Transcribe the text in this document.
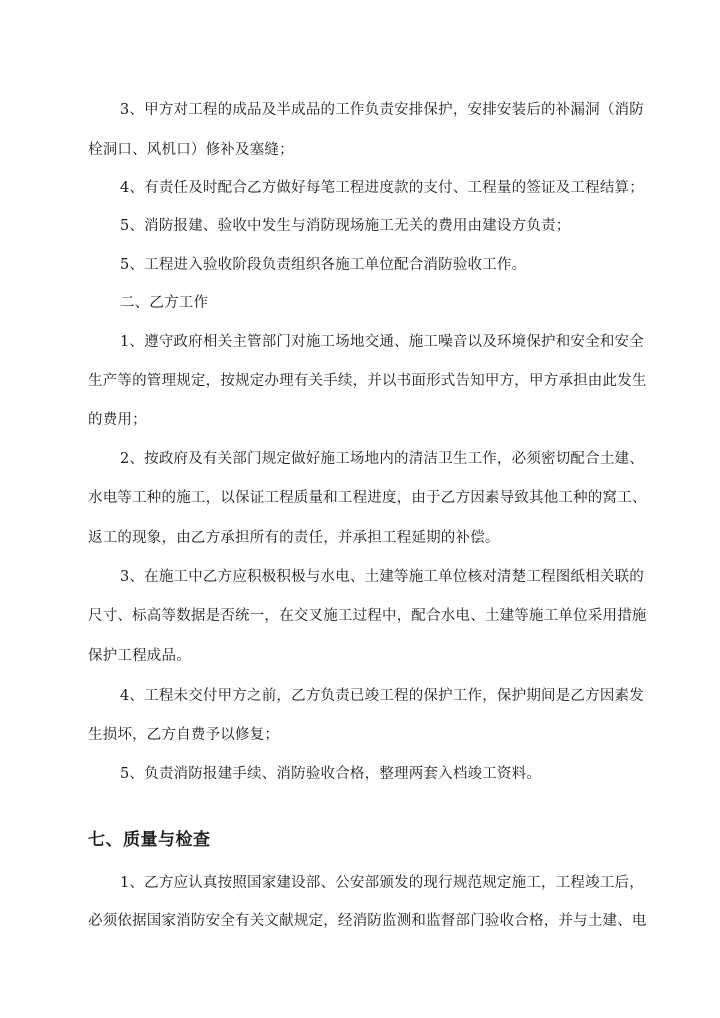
3、甲方对工程的成品及半成品的工作负责安排保护，安排安装后的补漏洞（消防
栓洞口、风机口）修补及塞缝；
4、有责任及时配合乙方做好每笔工程进度款的支付、工程量的签证及工程结算；
5、消防报建、验收中发生与消防现场施工无关的费用由建设方负责；
5、工程进入验收阶段负责组织各施工单位配合消防验收工作。
二、乙方工作
1、遵守政府相关主管部门对施工场地交通、施工噪音以及环境保护和安全和安全
生产等的管理规定，按规定办理有关手续，并以书面形式告知甲方，甲方承担由此发生
的费用；
2、按政府及有关部门规定做好施工场地内的清洁卫生工作，必须密切配合土建、
水电等工种的施工，以保证工程质量和工程进度，由于乙方因素导致其他工种的窝工、
返工的现象，由乙方承担所有的责任，并承担工程延期的补偿。
3、在施工中乙方应积极积极与水电、土建等施工单位核对清楚工程图纸相关联的
尺寸、标高等数据是否统一，在交叉施工过程中，配合水电、土建等施工单位采用措施
保护工程成品。
4、工程未交付甲方之前，乙方负责已竣工程的保护工作，保护期间是乙方因素发
生损坏，乙方自费予以修复；
5、负责消防报建手续、消防验收合格，整理两套入档竣工资料。
七、质量与检查
1、乙方应认真按照国家建设部、公安部颁发的现行规范规定施工，工程竣工后，
必须依据国家消防安全有关文献规定，经消防监测和监督部门验收合格，并与土建、电
